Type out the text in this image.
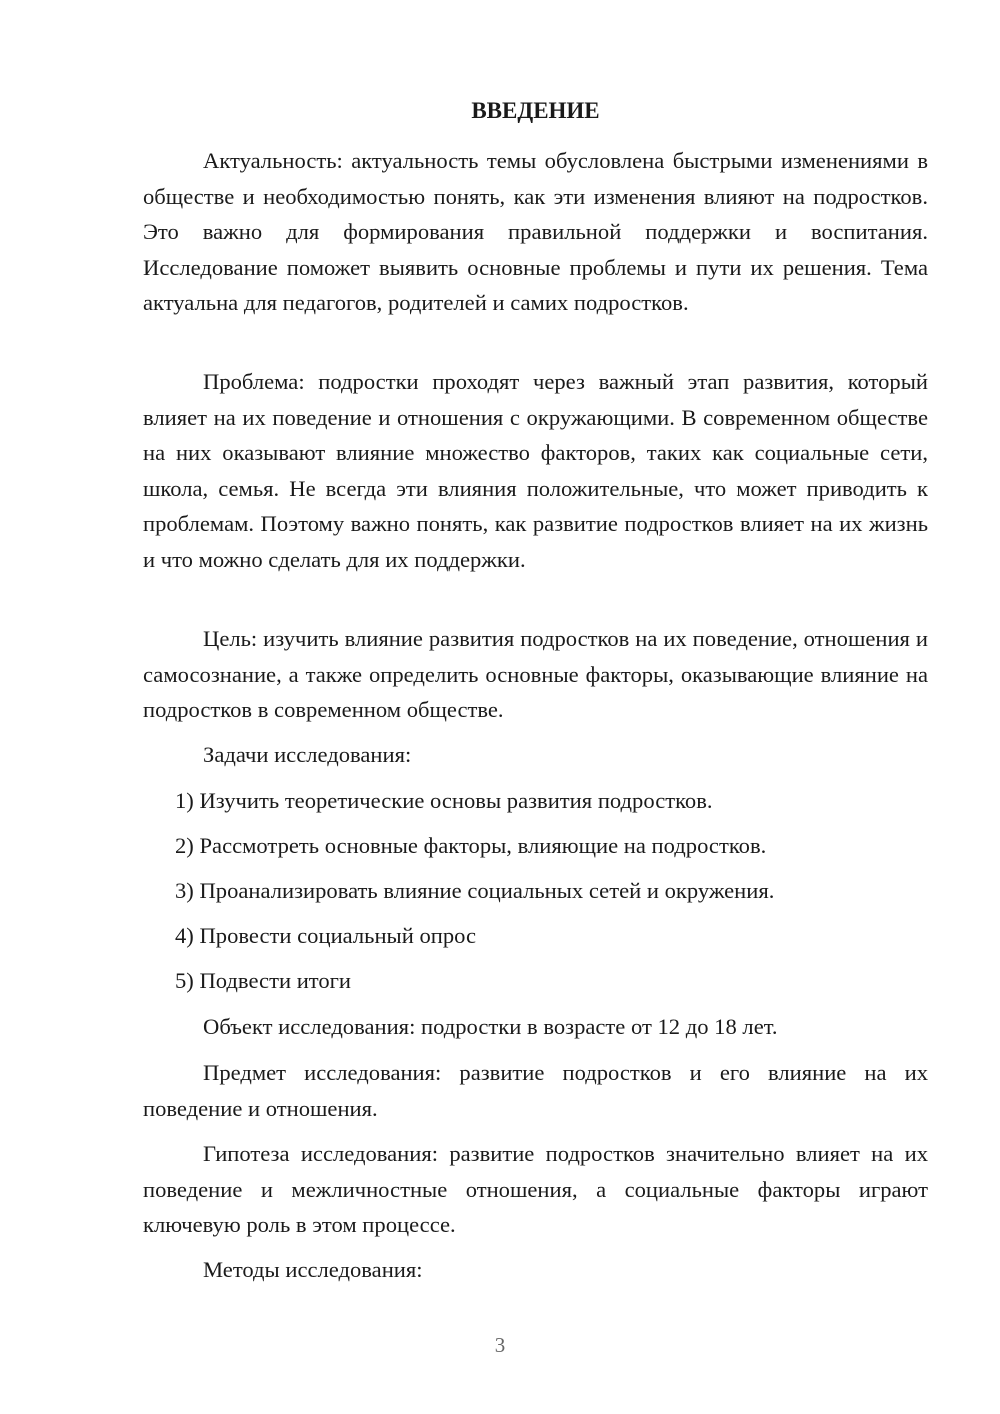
ВВЕДЕНИЕ

Актуальность: актуальность темы обусловлена быстрыми изменениями в обществе и необходимостью понять, как эти изменения влияют на подростков. Это важно для формирования правильной поддержки и воспитания. Исследование поможет выявить основные проблемы и пути их решения. Тема актуальна для педагогов, родителей и самих подростков.

Проблема: подростки проходят через важный этап развития, который влияет на их поведение и отношения с окружающими. В современном обществе на них оказывают влияние множество факторов, таких как социальные сети, школа, семья. Не всегда эти влияния положительные, что может приводить к проблемам. Поэтому важно понять, как развитие подростков влияет на их жизнь и что можно сделать для их поддержки.

Цель: изучить влияние развития подростков на их поведение, отношения и самосознание, а также определить основные факторы, оказывающие влияние на подростков в современном обществе.

Задачи исследования:

1) Изучить теоретические основы развития подростков.

2) Рассмотреть основные факторы, влияющие на подростков.

3) Проанализировать влияние социальных сетей и окружения.

4) Провести социальный опрос

5) Подвести итоги

Объект исследования: подростки в возрасте от 12 до 18 лет.

Предмет исследования: развитие подростков и его влияние на их поведение и отношения.

Гипотеза исследования: развитие подростков значительно влияет на их поведение и межличностные отношения, а социальные факторы играют ключевую роль в этом процессе.

Методы исследования:

3
